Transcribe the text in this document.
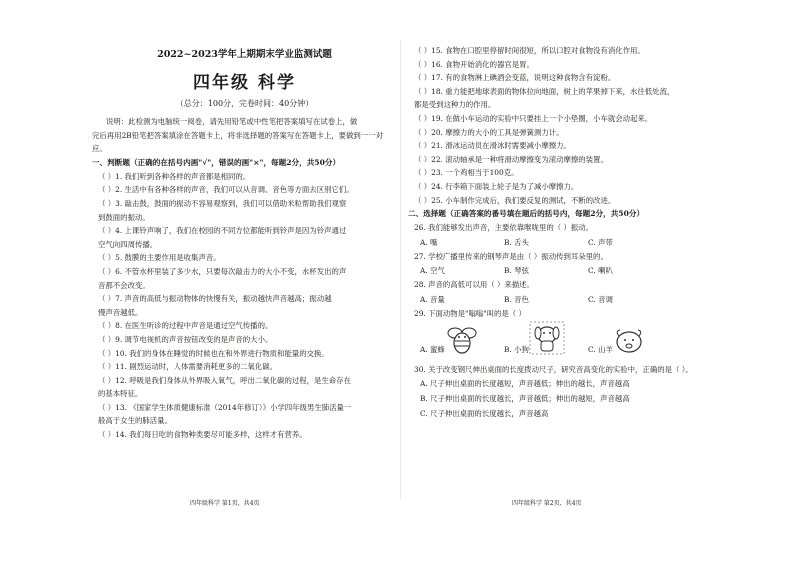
2022~2023学年上期期末学业监测试题
四年级 科学
（总分：100分，完卷时间：40分钟）

说明：此检测为电脑统一阅卷，请先用铅笔或中性笔把答案填写在试卷上，做

完后再用2B铅笔把答案填涂在答题卡上，将非选择题的答案写在答题卡上，要做到一一对应。

一、判断题（正确的在括号内画"√"，错误的画"×"，每题2分，共50分）
（ ）1. 我们听到各种各样的声音都是相同的。
（ ）2. 生活中有各种各样的声音，我们可以从音调、音色等方面去区别它们。
（ ）3. 敲击鼓，鼓面的振动不容易观察到，我们可以借助米粒帮助我们观察
到鼓面的振动。
（ ）4. 上课铃声响了，我们在校园的不同方位都能听到铃声是因为铃声通过
空气向四周传播。
（ ）5. 鼓膜的主要作用是收集声音。
（ ）6. 不管水杯里装了多少水，只要每次敲击力的大小不变，水杯发出的声
音都不会改变。
（ ）7. 声音的高低与振动物体的快慢有关，振动越快声音越高；振动越
慢声音越低。
（ ）8. 在医生听诊的过程中声音是通过空气传播的。
（ ）9. 调节电视机的声音按钮改变的是声音的大小。
（ ）10. 我们的身体在睡觉的时候也在和外界进行物质和能量的交换。
（ ）11. 剧烈运动时，人体需要消耗更多的二氧化碳。
（ ）12. 呼吸是我们身体从外界吸入氧气，呼出二氧化碳的过程，是生命存在
的基本特征。
（ ）13. 《国家学生体质健康标准（2014年修订）》小学四年级男生肺活量一
般高于女生的肺活量。
（ ）14. 我们每日吃的食物种类要尽可能多样，这样才有营养。
（ ）15. 食物在口腔里停留时间很短，所以口腔对食物没有消化作用。
（ ）16. 食物开始消化的器官是胃。
（ ）17. 有的食物淋上碘酒会变蓝，说明这种食物含有淀粉。
（ ）18. 重力能把地球表面的物体拉向地面，树上的苹果掉下来，水往低处流，
都是受到这种力的作用。
（ ）19. 在做小车运动的实验中只要挂上一个小垫圈，小车就会动起来。
（ ）20. 摩擦力的大小的工具是弹簧测力计。
（ ）21. 滑冰运动员在滑冰时需要减小摩擦力。
（ ）22. 滚动轴承是一种将滑动摩擦变为滚动摩擦的装置。
（ ）23. 一个鸡相当于100克。
（ ）24. 行李箱下面装上轮子是为了减小摩擦力。
（ ）25. 小车制作完成后，我们要反复的测试，不断的改进。
二、选择题（正确答案的番号填在题后的括号内，每题2分，共50分）
26. 我们能够发出声音，主要依靠喉咙里的（ ）振动。
A. 嘴	B. 舌头	C. 声带
27. 学校广播里传来的钢琴声是由（ ）振动传到耳朵里的。
A. 空气	B. 琴弦	C. 喇叭
28. 声音的高低可以用（ ）来描述。
A. 音量	B. 音色	C. 音调
29. 下面动物是"嗡嗡"叫的是（ ）
A. 蜜蜂	B. 小狗	C. 山羊
30. 关于改变钢尺伸出桌面的长度拨动尺子，研究音高变化的实验中，正确的是（ ）。
A. 尺子伸出桌面的长度越短，声音越低；伸出的越长，声音越高
B. 尺子伸出桌面的长度越长，声音越低；伸出的越短，声音越高
C. 尺子伸出桌面的长度越长，声音越高
四年级科学 第1页，共4页	四年级科学 第2页，共4页
